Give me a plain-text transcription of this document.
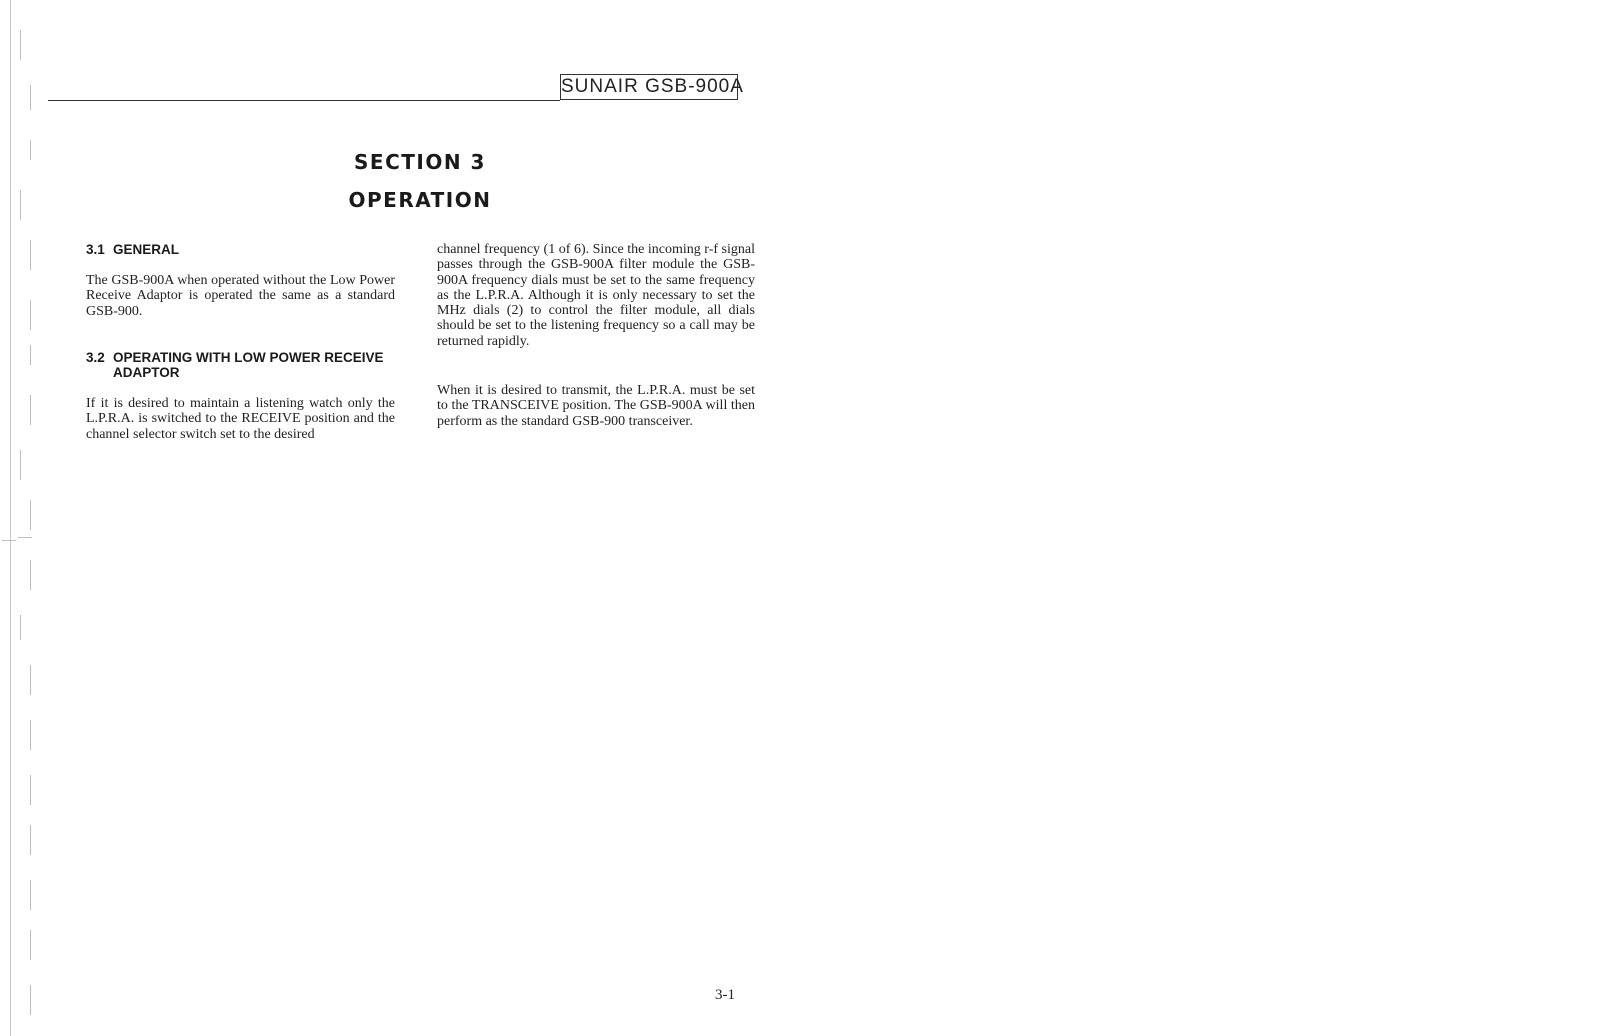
SUNAIR GSB-900A
SECTION 3
OPERATION
3.1 GENERAL
The GSB-900A when operated without the Low Power Receive Adaptor is operated the same as a standard GSB-900.
3.2 OPERATING WITH LOW POWER RECEIVE
ADAPTOR
If it is desired to maintain a listening watch only the L.P.R.A. is switched to the RECEIVE position and the channel selector switch set to the desired
channel frequency (1 of 6). Since the incoming r-f signal passes through the GSB-900A filter module the GSB-900A frequency dials must be set to the same frequency as the L.P.R.A. Although it is only necessary to set the MHz dials (2) to control the filter module, all dials should be set to the listening frequency so a call may be returned rapidly.
When it is desired to transmit, the L.P.R.A. must be set to the TRANSCEIVE position. The GSB-900A will then perform as the standard GSB-900 transceiver.
3-1
